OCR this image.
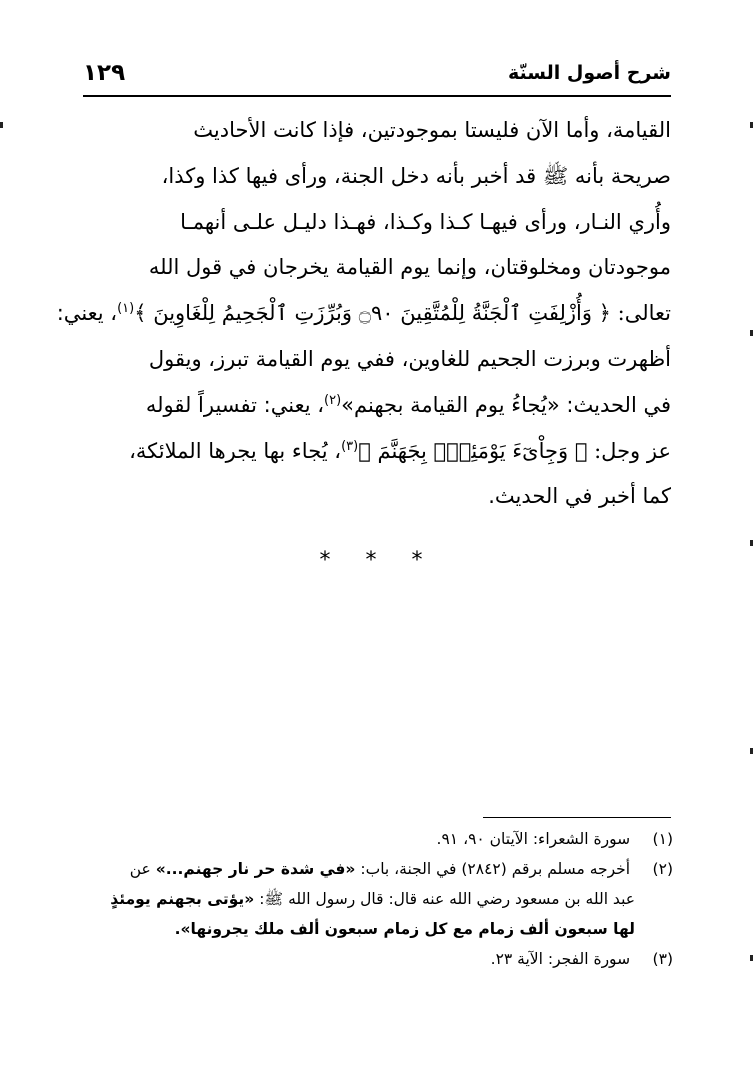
شرح أصول السنّة
١٢٩
القيامة، وأما الآن فليستا بموجودتين، فإذا كانت الأحاديث
صريحة بأنه ﷺ قد أخبر بأنه دخل الجنة، ورأى فيها كذا وكذا،
وأُري النـار، ورأى فيهـا كـذا وكـذا، فهـذا دليـل علـى أنهمـا
موجودتان ومخلوقتان، وإنما يوم القيامة يخرجان في قول الله
تعالى: ﴿ وَأُزْلِفَتِ ٱلْجَنَّةُ لِلْمُتَّقِينَ ۝٩٠ وَبُرِّزَتِ ٱلْجَحِيمُ لِلْغَاوِينَ ﴾$^{(١)}$، يعني:
أظهرت وبرزت الجحيم للغاوين، ففي يوم القيامة تبرز، ويقول
في الحديث: «يُجاءُ يوم القيامة بجهنم»$^{(٢)}$، يعني: تفسيراً لقوله
عز وجل: ﴿ وَجِاْىٓءَ يَوْمَئِذِۭ بِجَهَنَّمَ ﴾$^{(٣)}$، يُجاء بها يجرها الملائكة،
كما أخبر في الحديث.
* * *
(١) سورة الشعراء: الآيتان ٩٠، ٩١.
(٢) أخرجه مسلم برقم (٢٨٤٢) في الجنة، باب: «في شدة حر نار جهنم...» عن
عبد الله بن مسعود رضي الله عنه قال: قال رسول الله ﷺ: «يؤتى بجهنم يومئذٍ
لها سبعون ألف زمام مع كل زمام سبعون ألف ملك يجرونها».
(٣) سورة الفجر: الآية ٢٣.
